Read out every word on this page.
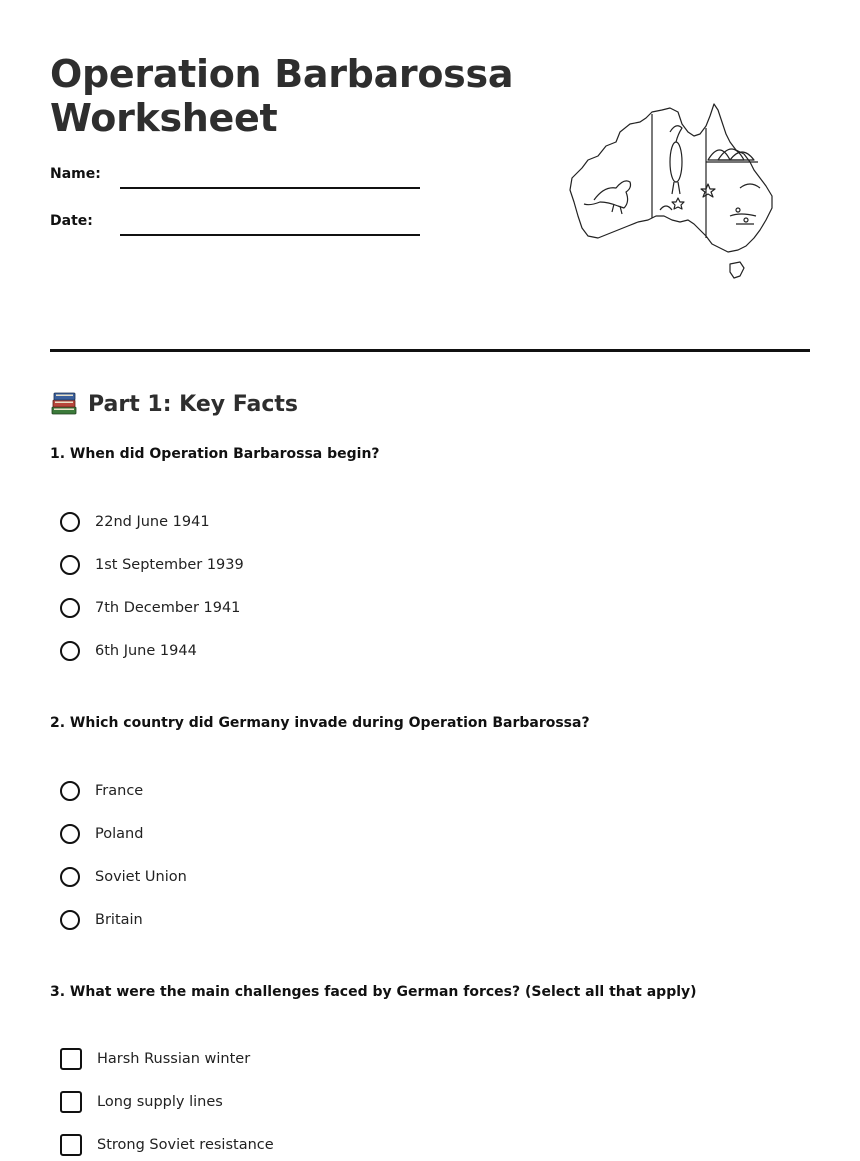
Operation Barbarossa Worksheet
Name:
Date:
Part 1: Key Facts
1. When did Operation Barbarossa begin?
22nd June 1941
1st September 1939
7th December 1941
6th June 1944
2. Which country did Germany invade during Operation Barbarossa?
France
Poland
Soviet Union
Britain
3. What were the main challenges faced by German forces? (Select all that apply)
Harsh Russian winter
Long supply lines
Strong Soviet resistance
